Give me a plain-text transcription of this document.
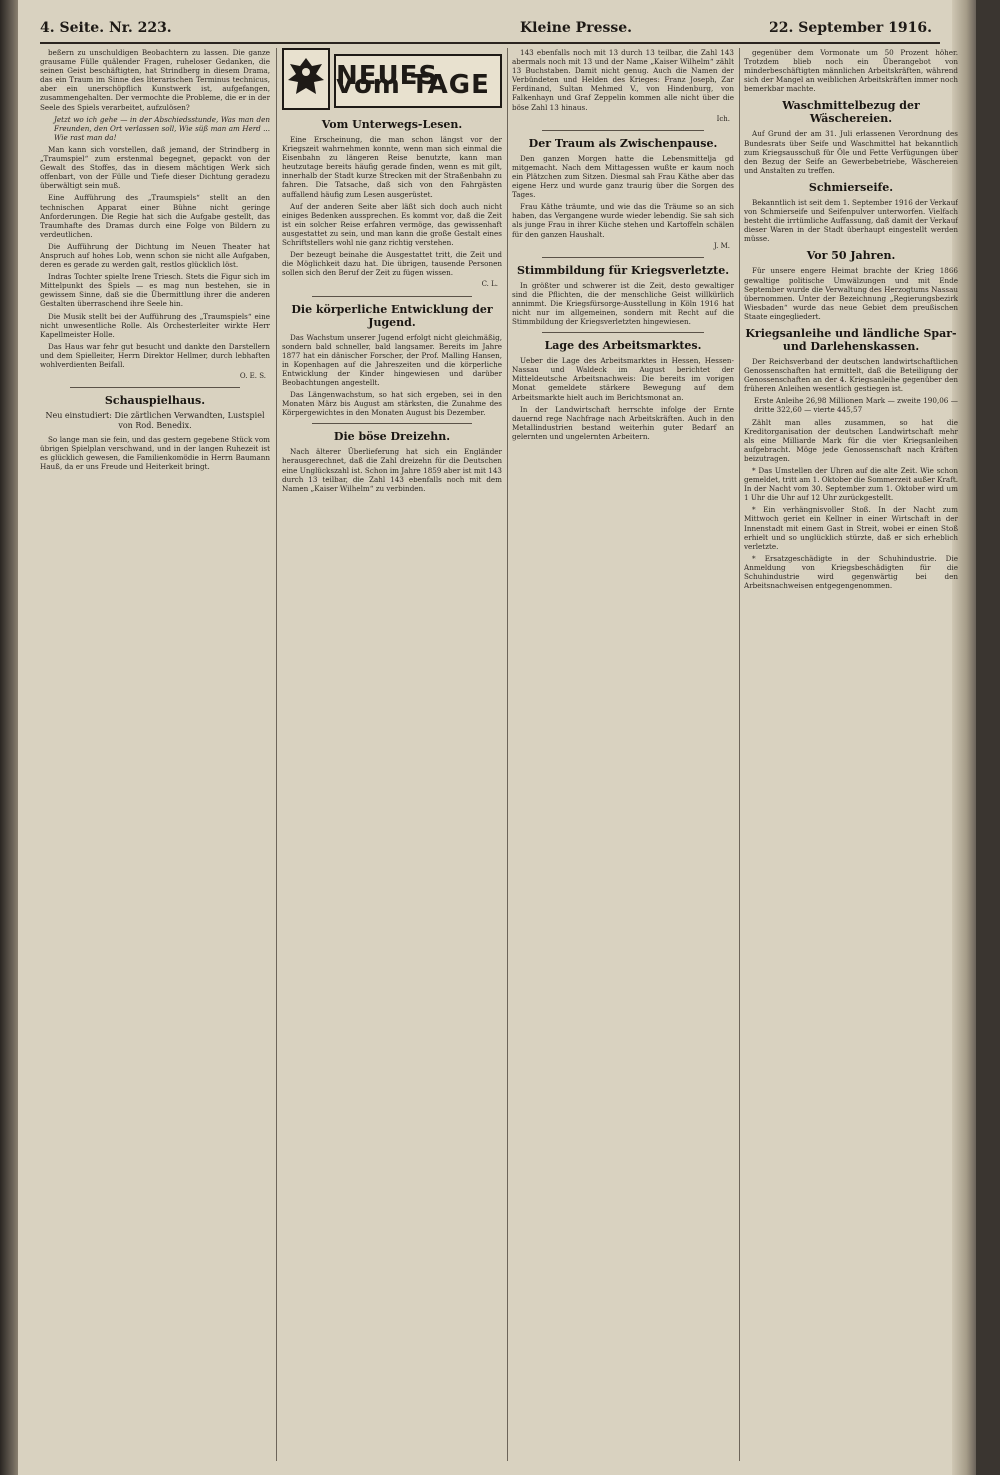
4. Seite. Nr. 223.	Kleine Presse.	22. September 1916.
beßern zu unschuldigen Beobachtern zu lassen. Die ganze grausame Fülle quälender Fragen, ruheloser Gedanken, die seinen Geist beschäftigten, hat Strindberg in diesem Drama, das ein Traum im Sinne des literarischen Terminus technicus, aber ein unerschöpflich Kunstwerk ist, aufgefangen, zusammengehalten. Der vermochte die Probleme, die er in der Seele des Spiels verarbeitet, aufzulösen?
Jetzt wo ich gehe — in der Abschiedsstunde, Was man den Freunden, den Ort verlassen soll, Wie süß man am Herd ... Wie rast man da!
Man kann sich vorstellen, daß jemand, der Strindberg in „Traumspiel“ zum erstenmal begegnet, gepackt von der Gewalt des Stoffes, das in diesem mächtigen Werk sich offenbart, von der Fülle und Tiefe dieser Dichtung geradezu überwältigt sein muß.
Eine Aufführung des „Traumspiels“ stellt an den technischen Apparat einer Bühne nicht geringe Anforderungen. Die Regie hat sich die Aufgabe gestellt, das Traumhafte des Dramas durch eine Folge von Bildern zu verdeutlichen.
Die Aufführung der Dichtung im Neuen Theater hat Anspruch auf hohes Lob, wenn schon sie nicht alle Aufgaben, deren es gerade zu werden galt, restlos glücklich löst.
Indras Tochter spielte Irene Triesch. Stets die Figur sich im Mittelpunkt des Spiels — es mag nun bestehen, sie in gewissem Sinne, daß sie die Übermittlung ihrer die anderen Gestalten überraschend ihre Seele hin.
Die Musik stellt bei der Aufführung des „Traumspiels“ eine nicht unwesentliche Rolle. Als Orchesterleiter wirkte Herr Kapellmeister Holle.
Das Haus war fehr gut besucht und dankte den Darstellern und dem Spielleiter, Herrn Direktor Hellmer, durch lebhaften wohlverdienten Beifall.
O. E. S.
Schauspielhaus.
Neu einstudiert: Die zärtlichen Verwandten, Lustspiel von Rod. Benedix.
So lange man sie fein, und das gestern gegebene Stück vom übrigen Spielplan verschwand, und in der langen Ruhezeit ist es glücklich gewesen, die Familienkomödie in Herrn Baumann Hauß, da er uns Freude und Heiterkeit bringt.
NEUES vom TAGE
Vom Unterwegs-Lesen.
Eine Erscheinung, die man schon längst vor der Kriegszeit wahrnehmen konnte, wenn man sich einmal die Eisenbahn zu längeren Reise benutzte, kann man heutzutage bereits häufig gerade finden, wenn es mit gilt, innerhalb der Stadt kurze Strecken mit der Straßenbahn zu fahren. Die Tatsache, daß sich von den Fahrgästen auffallend häufig zum Lesen ausgerüstet.
Auf der anderen Seite aber läßt sich doch auch nicht einiges Bedenken aussprechen. Es kommt vor, daß die Zeit ist ein solcher Reise erfahren vermöge, das gewissenhaft ausgestattet zu sein, und man kann die große Gestalt eines Schriftstellers wohl nie ganz richtig verstehen.
Der bezeugt beinahe die Ausgestattet tritt, die Zeit und die Möglichkeit dazu hat. Die übrigen, tausende Personen sollen sich den Beruf der Zeit zu fügen wissen.
C. L.
Die körperliche Entwicklung der Jugend.
Das Wachstum unserer Jugend erfolgt nicht gleichmäßig, sondern bald schneller, bald langsamer. Bereits im Jahre 1877 hat ein dänischer Forscher, der Prof. Malling Hansen, in Kopenhagen auf die Jahreszeiten und die körperliche Entwicklung der Kinder hingewiesen und darüber Beobachtungen angestellt.
Das Längenwachstum, so hat sich ergeben, sei in den Monaten März bis August am stärksten, die Zunahme des Körpergewichtes in den Monaten August bis Dezember.
Die böse Dreizehn.
Nach älterer Überlieferung hat sich ein Engländer herausgerechnet, daß die Zahl dreizehn für die Deutschen eine Unglückszahl ist. Schon im Jahre 1859 aber ist mit 143 durch 13 teilbar, die Zahl 143 ebenfalls noch mit dem Namen „Kaiser Wilhelm“ zu verbinden.
143 ebenfalls noch mit 13 durch 13 teilbar, die Zahl 143 abermals noch mit 13 und der Name „Kaiser Wilhelm“ zählt 13 Buchstaben. Damit nicht genug. Auch die Namen der Verbündeten und Helden des Krieges: Franz Joseph, Zar Ferdinand, Sultan Mehmed V., von Hindenburg, von Falkenhayn und Graf Zeppelin kommen alle nicht über die böse Zahl 13 hinaus.
Ich.
Der Traum als Zwischenpause.
Den ganzen Morgen hatte die Lebensmittelja gd mitgemacht. Nach dem Mittagessen wußte er kaum noch ein Plätzchen zum Sitzen. Diesmal sah Frau Käthe aber das eigene Herz und wurde ganz traurig über die Sorgen des Tages.
Frau Käthe träumte, und wie das die Träume so an sich haben, das Vergangene wurde wieder lebendig. Sie sah sich als junge Frau in ihrer Küche stehen und Kartoffeln schälen für den ganzen Haushalt.
J. M.
Stimmbildung für Kriegsverletzte.
In größter und schwerer ist die Zeit, desto gewaltiger sind die Pflichten, die der menschliche Geist willkürlich annimmt. Die Kriegsfürsorge-Ausstellung in Köln 1916 hat nicht nur im allgemeinen, sondern mit Recht auf die Stimmbildung der Kriegsverletzten hingewiesen.
Lage des Arbeitsmarktes.
Ueber die Lage des Arbeitsmarktes in Hessen, Hessen-Nassau und Waldeck im August berichtet der Mitteldeutsche Arbeitsnachweis: Die bereits im vorigen Monat gemeldete stärkere Bewegung auf dem Arbeitsmarkte hielt auch im Berichtsmonat an.
In der Landwirtschaft herrschte infolge der Ernte dauernd rege Nachfrage nach Arbeitskräften. Auch in den Metallindustrien bestand weiterhin guter Bedarf an gelernten und ungelernten Arbeitern.
gegenüber dem Vormonate um 50 Prozent höher. Trotzdem blieb noch ein Überangebot von minderbeschäftigten männlichen Arbeitskräften, während sich der Mangel an weiblichen Arbeitskräften immer noch bemerkbar machte.
Waschmittelbezug der Wäschereien.
Auf Grund der am 31. Juli erlassenen Verordnung des Bundesrats über Seife und Waschmittel hat bekanntlich zum Kriegsausschuß für Öle und Fette Verfügungen über den Bezug der Seife an Gewerbebetriebe, Wäschereien und Anstalten zu treffen.
Schmierseife.
Bekanntlich ist seit dem 1. September 1916 der Verkauf von Schmierseife und Seifenpulver unterworfen. Vielfach besteht die irrtümliche Auffassung, daß damit der Verkauf dieser Waren in der Stadt überhaupt eingestellt werden müsse.
Vor 50 Jahren.
Für unsere engere Heimat brachte der Krieg 1866 gewaltige politische Umwälzungen und mit Ende September wurde die Verwaltung des Herzogtums Nassau übernommen. Unter der Bezeichnung „Regierungsbezirk Wiesbaden“ wurde das neue Gebiet dem preußischen Staate eingegliedert.
Kriegsanleihe und ländliche Spar- und Darlehenskassen.
Der Reichsverband der deutschen landwirtschaftlichen Genossenschaften hat ermittelt, daß die Beteiligung der Genossenschaften an der 4. Kriegsanleihe gegenüber den früheren Anleihen wesentlich gestiegen ist.
Erste Anleihe 26,98 Millionen Mark — zweite 190,06 — dritte 322,60 — vierte 445,57
Zählt man alles zusammen, so hat die Kreditorganisation der deutschen Landwirtschaft mehr als eine Milliarde Mark für die vier Kriegsanleihen aufgebracht. Möge jede Genossenschaft nach Kräften beizutragen.
* Das Umstellen der Uhren auf die alte Zeit. Wie schon gemeldet, tritt am 1. Oktober die Sommerzeit außer Kraft. In der Nacht vom 30. September zum 1. Oktober wird um 1 Uhr die Uhr auf 12 Uhr zurückgestellt.
* Ein verhängnisvoller Stoß. In der Nacht zum Mittwoch geriet ein Kellner in einer Wirtschaft in der Innenstadt mit einem Gast in Streit, wobei er einen Stoß erhielt und so unglücklich stürzte, daß er sich erheblich verletzte.
* Ersatzgeschädigte in der Schuhindustrie. Die Anmeldung von Kriegsbeschädigten für die Schuhindustrie wird gegenwärtig bei den Arbeitsnachweisen entgegengenommen.
